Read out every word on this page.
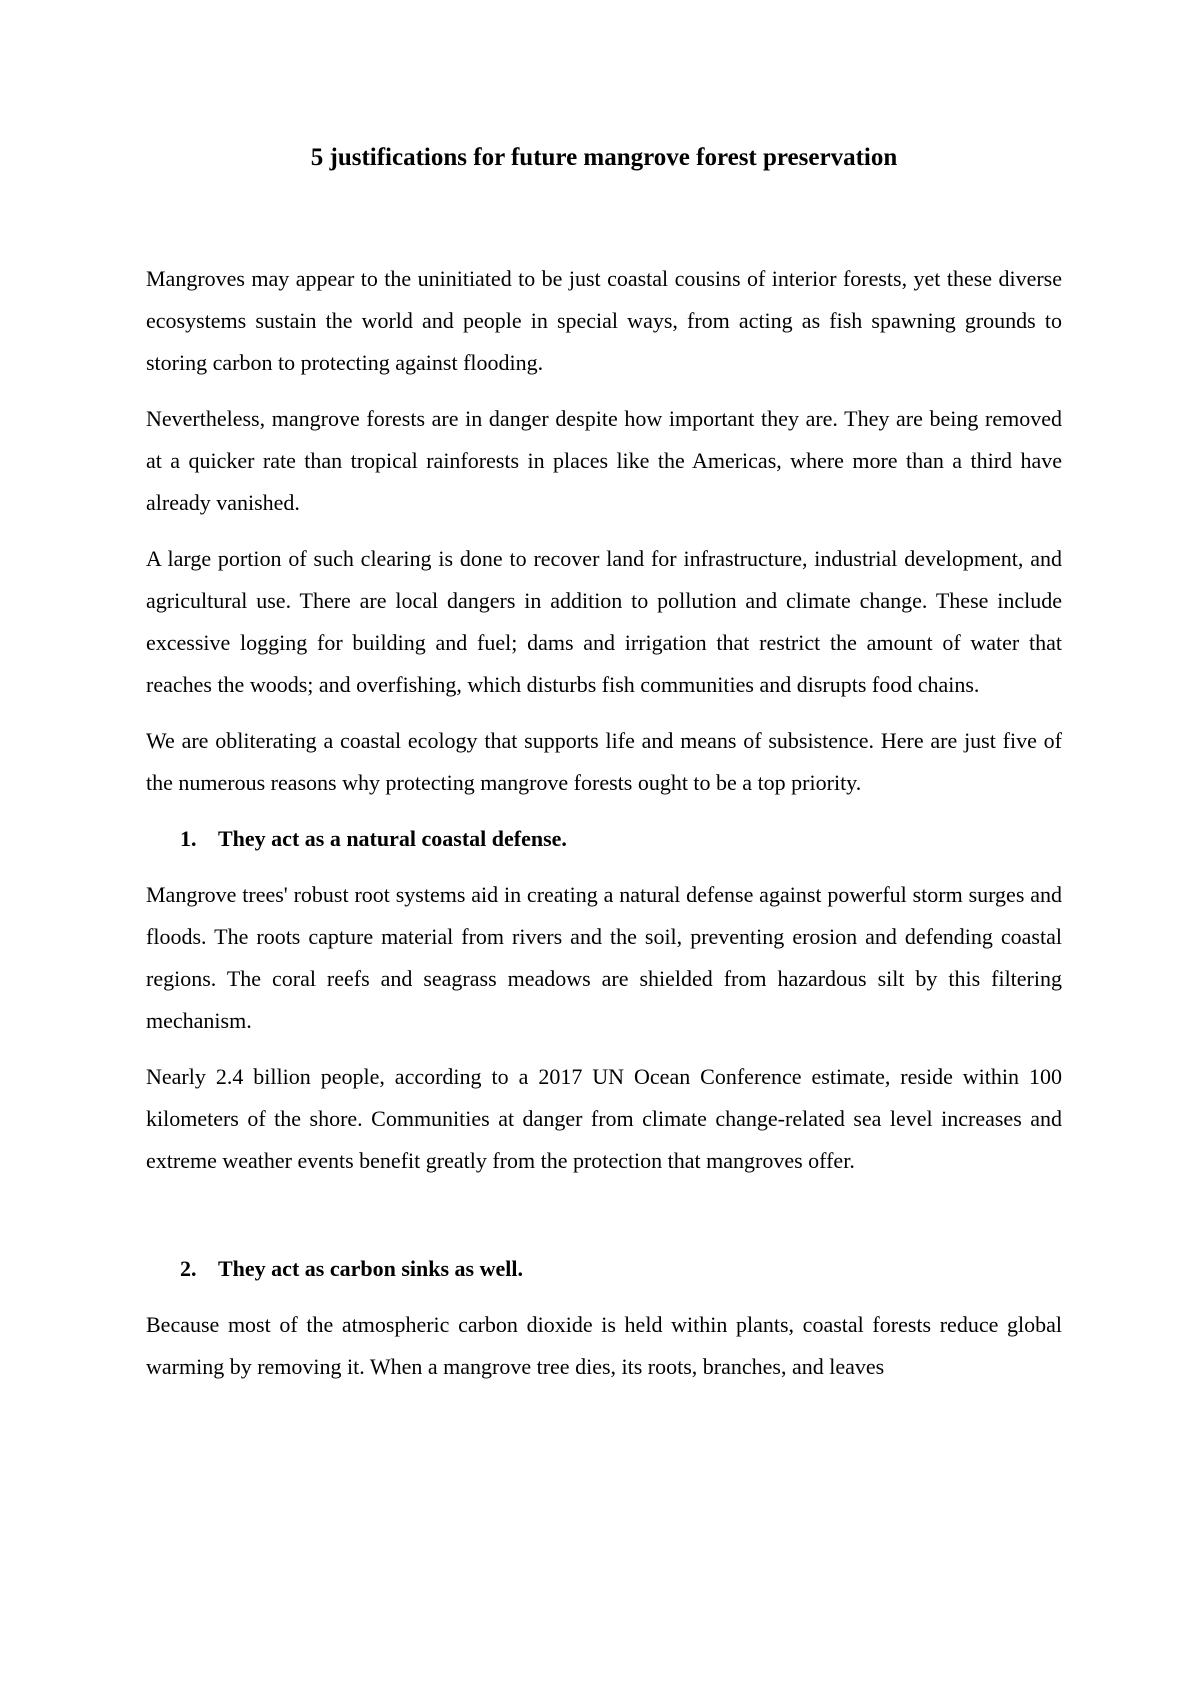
5 justifications for future mangrove forest preservation

Mangroves may appear to the uninitiated to be just coastal cousins of interior forests, yet these diverse ecosystems sustain the world and people in special ways, from acting as fish spawning grounds to storing carbon to protecting against flooding.

Nevertheless, mangrove forests are in danger despite how important they are. They are being removed at a quicker rate than tropical rainforests in places like the Americas, where more than a third have already vanished.

A large portion of such clearing is done to recover land for infrastructure, industrial development, and agricultural use. There are local dangers in addition to pollution and climate change. These include excessive logging for building and fuel; dams and irrigation that restrict the amount of water that reaches the woods; and overfishing, which disturbs fish communities and disrupts food chains.

We are obliterating a coastal ecology that supports life and means of subsistence. Here are just five of the numerous reasons why protecting mangrove forests ought to be a top priority.

1. They act as a natural coastal defense.

Mangrove trees' robust root systems aid in creating a natural defense against powerful storm surges and floods. The roots capture material from rivers and the soil, preventing erosion and defending coastal regions. The coral reefs and seagrass meadows are shielded from hazardous silt by this filtering mechanism.

Nearly 2.4 billion people, according to a 2017 UN Ocean Conference estimate, reside within 100 kilometers of the shore. Communities at danger from climate change-related sea level increases and extreme weather events benefit greatly from the protection that mangroves offer.

2. They act as carbon sinks as well.

Because most of the atmospheric carbon dioxide is held within plants, coastal forests reduce global warming by removing it. When a mangrove tree dies, its roots, branches, and leaves
